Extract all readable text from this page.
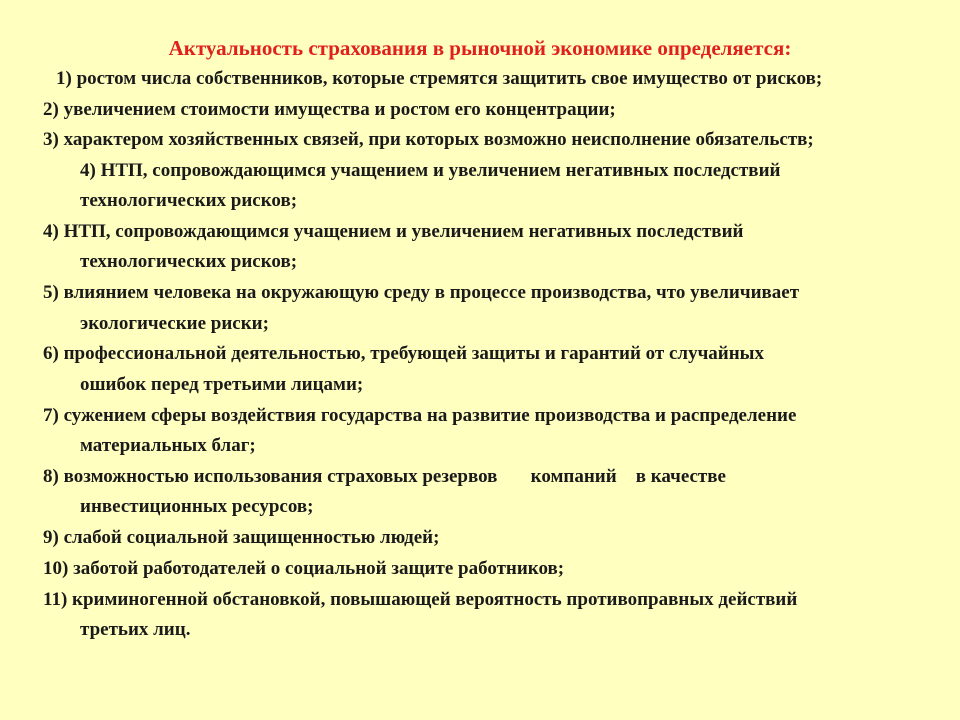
Актуальность страхования в рыночной экономике определяется:
1) ростом числа собственников, которые стремятся защитить свое имущество от рисков;
2) увеличением стоимости имущества и ростом его концентрации;
3) характером хозяйственных связей, при которых возможно неисполнение обязательств;
4) НТП, сопровождающимся учащением и увеличением негативных последствий
технологических рисков;
4) НТП, сопровождающимся учащением и увеличением негативных последствий
технологических рисков;
5) влиянием человека на окружающую среду в процессе производства, что увеличивает
экологические риски;
6) профессиональной деятельностью, требующей защиты и гарантий от случайных
ошибок перед третьими лицами;
7) сужением сферы воздействия государства на развитие производства и распределение
материальных благ;
8) возможностью использования страховых резервов       компаний    в качестве
инвестиционных ресурсов;
9) слабой социальной защищенностью людей;
10) заботой работодателей о социальной защите работников;
11) криминогенной обстановкой, повышающей вероятность противоправных действий
третьих лиц.
